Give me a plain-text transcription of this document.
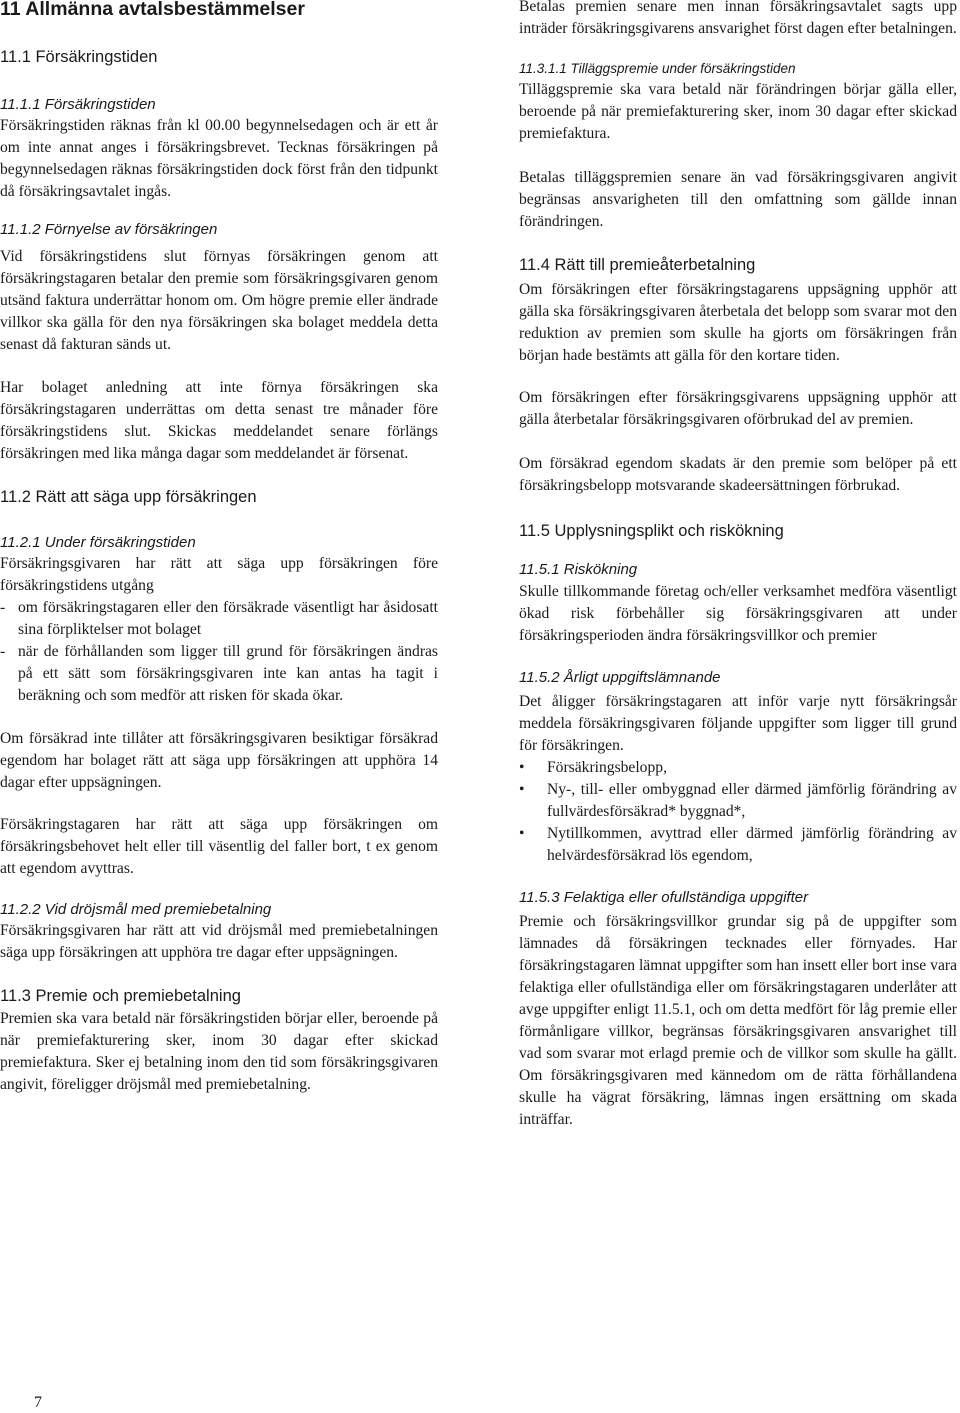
11 Allmänna avtalsbestämmelser

11.1 Försäkringstiden

11.1.1 Försäkringstiden

Försäkringstiden räknas från kl 00.00 begynnelsedagen och är ett år om inte annat anges i försäkringsbrevet. Tecknas försäkringen på begynnelsedagen räknas försäkringstiden dock först från den tidpunkt då försäkringsavtalet ingås.

11.1.2 Förnyelse av försäkringen

Vid försäkringstidens slut förnyas försäkringen genom att försäkringstagaren betalar den premie som försäkringsgivaren genom utsänd faktura underrättar honom om. Om högre premie eller ändrade villkor ska gälla för den nya försäkringen ska bolaget meddela detta senast då fakturan sänds ut.

Har bolaget anledning att inte förnya försäkringen ska försäkringstagaren underrättas om detta senast tre månader före försäkringstidens slut. Skickas meddelandet senare förlängs försäkringen med lika många dagar som meddelandet är försenat.

11.2 Rätt att säga upp försäkringen

11.2.1 Under försäkringstiden

Försäkringsgivaren har rätt att säga upp försäkringen före försäkringstidens utgång

- om försäkringstagaren eller den försäkrade väsentligt har åsidosatt sina förpliktelser mot bolaget

- när de förhållanden som ligger till grund för försäkringen ändras på ett sätt som försäkringsgivaren inte kan antas ha tagit i beräkning och som medför att risken för skada ökar.

Om försäkrad inte tillåter att försäkringsgivaren besiktigar försäkrad egendom har bolaget rätt att säga upp försäkringen att upphöra 14 dagar efter uppsägningen.

Försäkringstagaren har rätt att säga upp försäkringen om försäkringsbehovet helt eller till väsentlig del faller bort, t ex genom att egendom avyttras.

11.2.2 Vid dröjsmål med premiebetalning

Försäkringsgivaren har rätt att vid dröjsmål med premiebetalningen säga upp försäkringen att upphöra tre dagar efter uppsägningen.

11.3 Premie och premiebetalning

Premien ska vara betald när försäkringstiden börjar eller, beroende på när premiefakturering sker, inom 30 dagar efter skickad premiefaktura. Sker ej betalning inom den tid som försäkringsgivaren angivit, föreligger dröjsmål med premiebetalning.

Betalas premien senare men innan försäkringsavtalet sagts upp inträder försäkringsgivarens ansvarighet först dagen efter betalningen.

11.3.1.1 Tilläggspremie under försäkringstiden

Tilläggspremie ska vara betald när förändringen börjar gälla eller, beroende på när premiefakturering sker, inom 30 dagar efter skickad premiefaktura.

Betalas tilläggspremien senare än vad försäkringsgivaren angivit begränsas ansvarigheten till den omfattning som gällde innan förändringen.

11.4 Rätt till premieåterbetalning

Om försäkringen efter försäkringstagarens uppsägning upphör att gälla ska försäkringsgivaren återbetala det belopp som svarar mot den reduktion av premien som skulle ha gjorts om försäkringen från början hade bestämts att gälla för den kortare tiden.

Om försäkringen efter försäkringsgivarens uppsägning upphör att gälla återbetalar försäkringsgivaren oförbrukad del av premien.

Om försäkrad egendom skadats är den premie som belöper på ett försäkringsbelopp motsvarande skadeersättningen förbrukad.

11.5 Upplysningsplikt och riskökning

11.5.1 Riskökning

Skulle tillkommande företag och/eller verksamhet medföra väsentligt ökad risk förbehåller sig försäkringsgivaren att under försäkringsperioden ändra försäkringsvillkor och premier

11.5.2 Årligt uppgiftslämnande

Det åligger försäkringstagaren att inför varje nytt försäkringsår meddela försäkringsgivaren följande uppgifter som ligger till grund för försäkringen.

•	Försäkringsbelopp,

•	Ny-, till- eller ombyggnad eller därmed jämförlig förändring av fullvärdesförsäkrad* byggnad*,

•	Nytillkommen, avyttrad eller därmed jämförlig förändring av helvärdesförsäkrad lös egendom,

11.5.3 Felaktiga eller ofullständiga uppgifter

Premie och försäkringsvillkor grundar sig på de uppgifter som lämnades då försäkringen tecknades eller förnyades. Har försäkringstagaren lämnat uppgifter som han insett eller bort inse vara felaktiga eller ofullständiga eller om försäkringstagaren underlåter att avge uppgifter enligt 11.5.1, och om detta medfört för låg premie eller förmånligare villkor, begränsas försäkringsgivaren ansvarighet till vad som svarar mot erlagd premie och de villkor som skulle ha gällt. Om försäkringsgivaren med kännedom om de rätta förhållandena skulle ha vägrat försäkring, lämnas ingen ersättning om skada inträffar.

7
